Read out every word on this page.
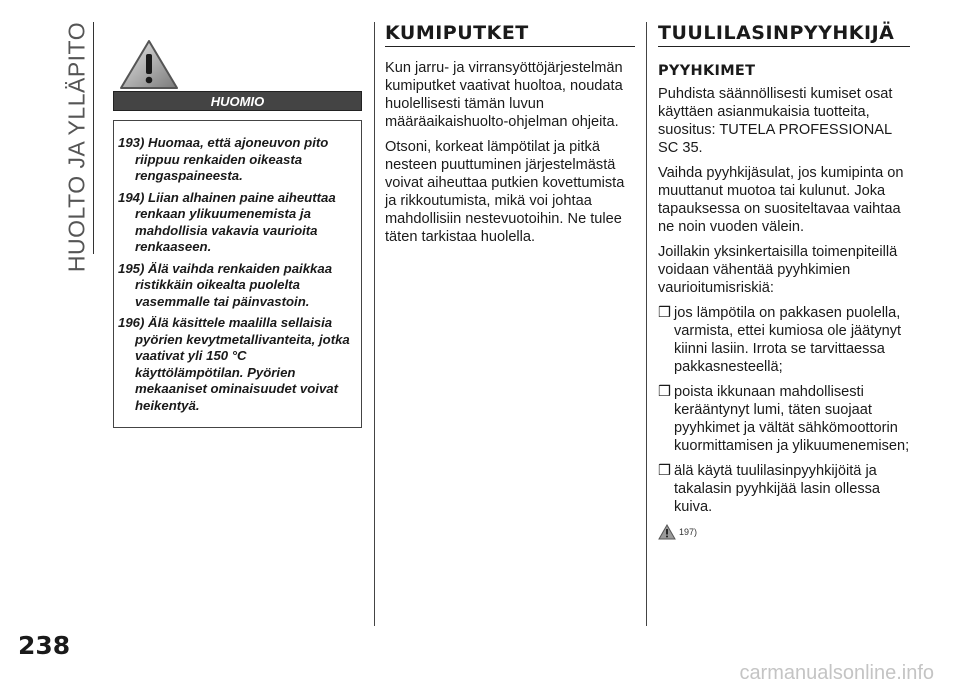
HUOLTO JA YLLÄPITO	HUOMIO

193) Huomaa, että ajoneuvon pito riippuu renkaiden oikeasta rengaspaineesta.

194) Liian alhainen paine aiheuttaa renkaan ylikuumenemista ja mahdollisia vakavia vaurioita renkaaseen.

195) Älä vaihda renkaiden paikkaa ristikkäin oikealta puolelta vasemmalle tai päinvastoin.

196) Älä käsittele maalilla sellaisia pyörien kevytmetallivanteita, jotka vaativat yli 150 °C käyttölämpötilan. Pyörien mekaaniset ominaisuudet voivat heikentyä.

KUMIPUTKET

Kun jarru- ja virransyöttöjärjestelmän kumiputket vaativat huoltoa, noudata huolellisesti tämän luvun määräaikaishuolto-ohjelman ohjeita.

Otsoni, korkeat lämpötilat ja pitkä nesteen puuttuminen järjestelmästä voivat aiheuttaa putkien kovettumista ja rikkoutumista, mikä voi johtaa mahdollisiin nestevuotoihin. Ne tulee täten tarkistaa huolella.

TUULILASINPYYHKIJÄ
PYYHKIMET

Puhdista säännöllisesti kumiset osat käyttäen asianmukaisia tuotteita, suositus: TUTELA PROFESSIONAL SC 35.

Vaihda pyyhkijäsulat, jos kumipinta on muuttanut muotoa tai kulunut. Joka tapauksessa on suositeltavaa vaihtaa ne noin vuoden välein.

Joillakin yksinkertaisilla toimenpiteillä voidaan vähentää pyyhkimien vaurioitumisriskiä:

❒ jos lämpötila on pakkasen puolella, varmista, ettei kumiosa ole jäätynyt kiinni lasiin. Irrota se tarvittaessa pakkasnesteellä;
❒ poista ikkunaan mahdollisesti kerääntynyt lumi, täten suojaat pyyhkimet ja vältät sähkömoottorin kuormittamisen ja ylikuumenemisen;
❒ älä käytä tuulilasinpyyhkijöitä ja takalasin pyyhkijää lasin ollessa kuiva.
197)
238
carmanualsonline.info
